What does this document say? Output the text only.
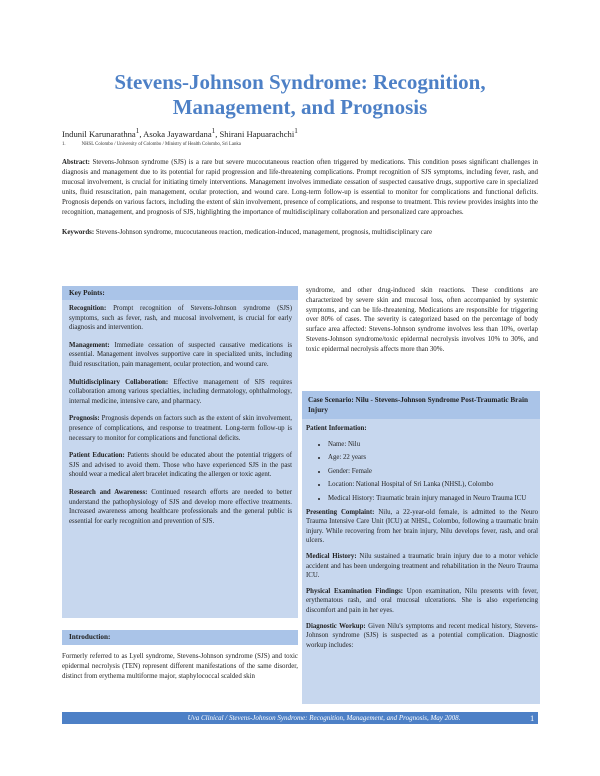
Stevens-Johnson Syndrome: Recognition, Management, and Prognosis
Indunil Karunarathna$^1$, Asoka Jayawardana$^1$, Shirani Hapuarachchi$^1$
1.	NHSL Colombo / University of Colombo / Ministry of Health Colombo, Sri Lanka
Abstract: Stevens-Johnson syndrome (SJS) is a rare but severe mucocutaneous reaction often triggered by medications. This condition poses significant challenges in diagnosis and management due to its potential for rapid progression and life-threatening complications. Prompt recognition of SJS symptoms, including fever, rash, and mucosal involvement, is crucial for initiating timely interventions. Management involves immediate cessation of suspected causative drugs, supportive care in specialized units, fluid resuscitation, pain management, ocular protection, and wound care. Long-term follow-up is essential to monitor for complications and functional deficits. Prognosis depends on various factors, including the extent of skin involvement, presence of complications, and response to treatment. This review provides insights into the recognition, management, and prognosis of SJS, highlighting the importance of multidisciplinary collaboration and personalized care approaches.
Keywords: Stevens-Johnson syndrome, mucocutaneous reaction, medication-induced, management, prognosis, multidisciplinary care
Key Points:

Recognition: Prompt recognition of Stevens-Johnson syndrome (SJS) symptoms, such as fever, rash, and mucosal involvement, is crucial for early diagnosis and intervention.

Management: Immediate cessation of suspected causative medications is essential. Management involves supportive care in specialized units, including fluid resuscitation, pain management, ocular protection, and wound care.

Multidisciplinary Collaboration: Effective management of SJS requires collaboration among various specialties, including dermatology, ophthalmology, internal medicine, intensive care, and pharmacy.

Prognosis: Prognosis depends on factors such as the extent of skin involvement, presence of complications, and response to treatment. Long-term follow-up is necessary to monitor for complications and functional deficits.

Patient Education: Patients should be educated about the potential triggers of SJS and advised to avoid them. Those who have experienced SJS in the past should wear a medical alert bracelet indicating the allergen or toxic agent.

Research and Awareness: Continued research efforts are needed to better understand the pathophysiology of SJS and develop more effective treatments. Increased awareness among healthcare professionals and the general public is essential for early recognition and prevention of SJS.

Introduction:
Formerly referred to as Lyell syndrome, Stevens-Johnson syndrome (SJS) and toxic epidermal necrolysis (TEN) represent different manifestations of the same disorder, distinct from erythema multiforme major, staphylococcal scalded skin
syndrome, and other drug-induced skin reactions. These conditions are characterized by severe skin and mucosal loss, often accompanied by systemic symptoms, and can be life-threatening. Medications are responsible for triggering over 80% of cases. The severity is categorized based on the percentage of body surface area affected: Stevens-Johnson syndrome involves less than 10%, overlap Stevens-Johnson syndrome/toxic epidermal necrolysis involves 10% to 30%, and toxic epidermal necrolysis affects more than 30%.
Case Scenario: Nilu - Stevens-Johnson Syndrome Post-Traumatic Brain Injury
Patient Information:
• Name: Nilu
• Age: 22 years
• Gender: Female
• Location: National Hospital of Sri Lanka (NHSL), Colombo
• Medical History: Traumatic brain injury managed in Neuro Trauma ICU

Presenting Complaint: Nilu, a 22-year-old female, is admitted to the Neuro Trauma Intensive Care Unit (ICU) at NHSL, Colombo, following a traumatic brain injury. While recovering from her brain injury, Nilu develops fever, rash, and oral ulcers.

Medical History: Nilu sustained a traumatic brain injury due to a motor vehicle accident and has been undergoing treatment and rehabilitation in the Neuro Trauma ICU.

Physical Examination Findings: Upon examination, Nilu presents with fever, erythematous rash, and oral mucosal ulcerations. She is also experiencing discomfort and pain in her eyes.

Diagnostic Workup: Given Nilu's symptoms and recent medical history, Stevens-Johnson syndrome (SJS) is suspected as a potential complication. Diagnostic workup includes:

Uva Clinical / Stevens-Johnson Syndrome: Recognition, Management, and Prognosis, May 2008.	1
